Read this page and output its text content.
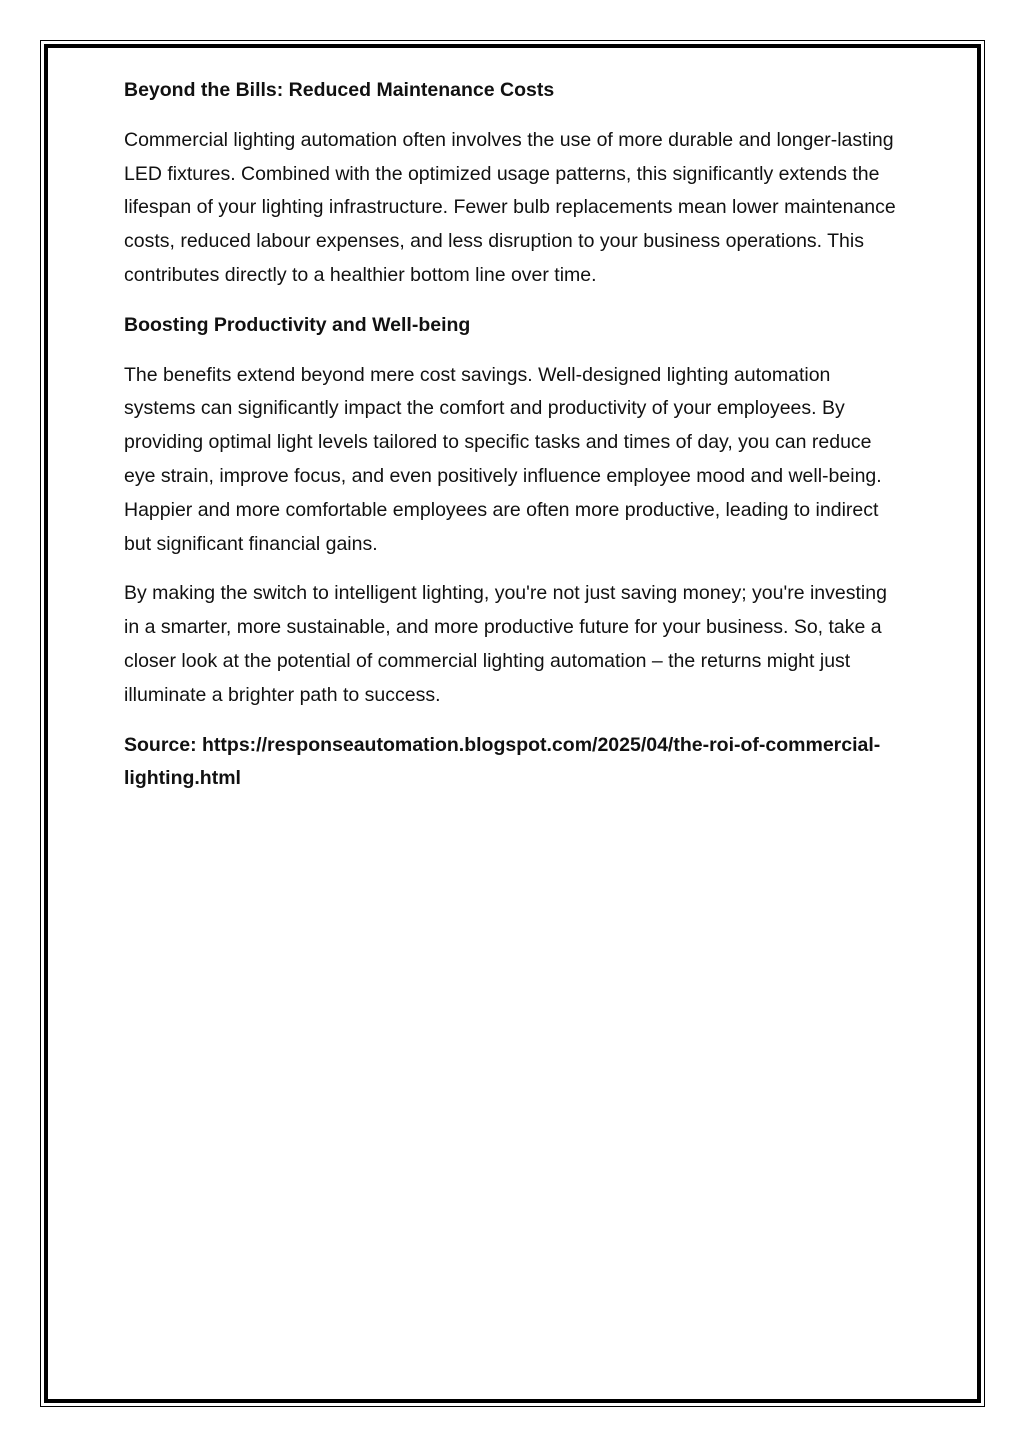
Beyond the Bills: Reduced Maintenance Costs

Commercial lighting automation often involves the use of more durable and longer-lasting LED fixtures. Combined with the optimized usage patterns, this significantly extends the lifespan of your lighting infrastructure. Fewer bulb replacements mean lower maintenance costs, reduced labour expenses, and less disruption to your business operations. This contributes directly to a healthier bottom line over time.

Boosting Productivity and Well-being

The benefits extend beyond mere cost savings. Well-designed lighting automation systems can significantly impact the comfort and productivity of your employees. By providing optimal light levels tailored to specific tasks and times of day, you can reduce eye strain, improve focus, and even positively influence employee mood and well-being. Happier and more comfortable employees are often more productive, leading to indirect but significant financial gains.

By making the switch to intelligent lighting, you're not just saving money; you're investing in a smarter, more sustainable, and more productive future for your business. So, take a closer look at the potential of commercial lighting automation – the returns might just illuminate a brighter path to success.

Source: https://responseautomation.blogspot.com/2025/04/the-roi-of-commercial-lighting.html
